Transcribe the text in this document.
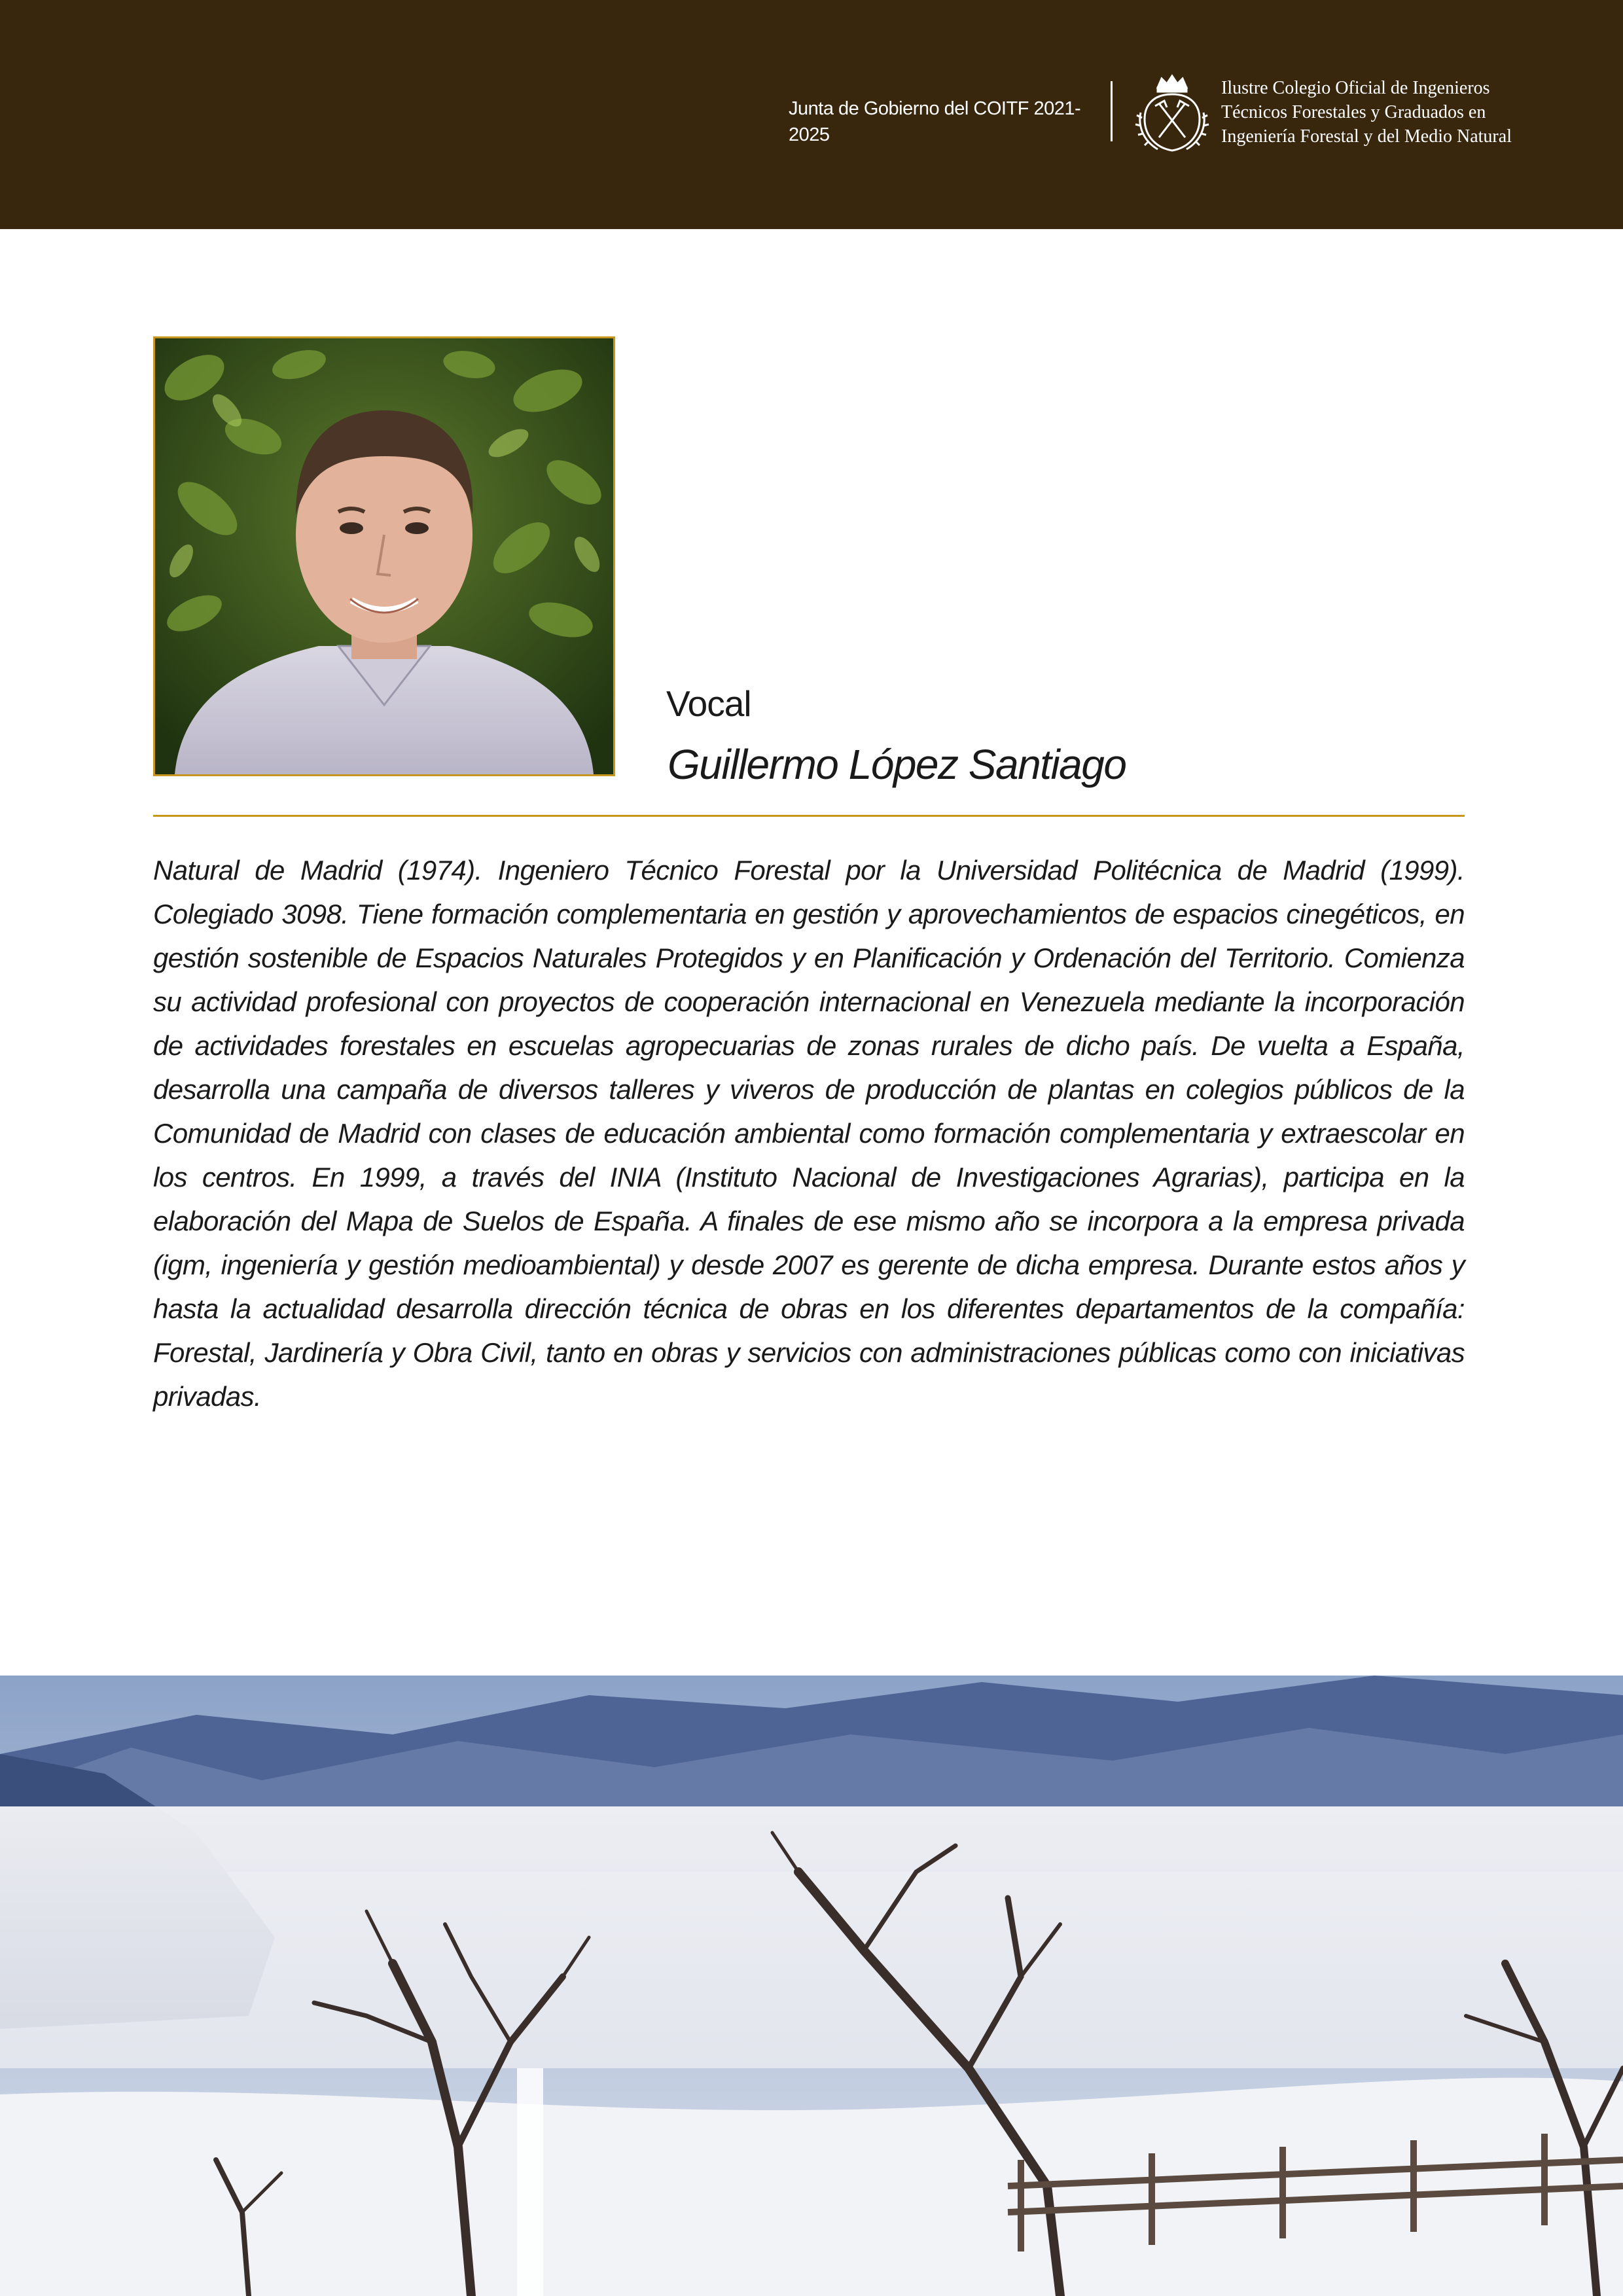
Junta de Gobierno del COITF 2021-2025
Ilustre Colegio Oficial de Ingenieros
Técnicos Forestales y Graduados en
Ingeniería Forestal y del Medio Natural
Vocal
Guillermo López Santiago
Natural de Madrid (1974). Ingeniero Técnico Forestal por la Universidad Politécnica de Madrid (1999). Colegiado 3098. Tiene formación complementaria en gestión y aprovechamientos de espacios cinegéticos, en gestión sostenible de Espacios Naturales Protegidos y en Planificación y Ordenación del Territorio. Comienza su actividad profesional con proyectos de cooperación internacional en Venezuela mediante la incorporación de actividades forestales en escuelas agropecuarias de zonas rurales de dicho país. De vuelta a España, desarrolla una campaña de diversos talleres y viveros de producción de plantas en colegios públicos de la Comunidad de Madrid con clases de educación ambiental como formación complementaria y extraescolar en los centros. En 1999, a través del INIA (Instituto Nacional de Investigaciones Agrarias), participa en la elaboración del Mapa de Suelos de España. A finales de ese mismo año se incorpora a la empresa privada (igm, ingeniería y gestión medioambiental) y desde 2007 es gerente de dicha empresa. Durante estos años y hasta la actualidad desarrolla dirección técnica de obras en los diferentes departamentos de la compañía: Forestal, Jardinería y Obra Civil, tanto en obras y servicios con administraciones públicas como con iniciativas privadas.
